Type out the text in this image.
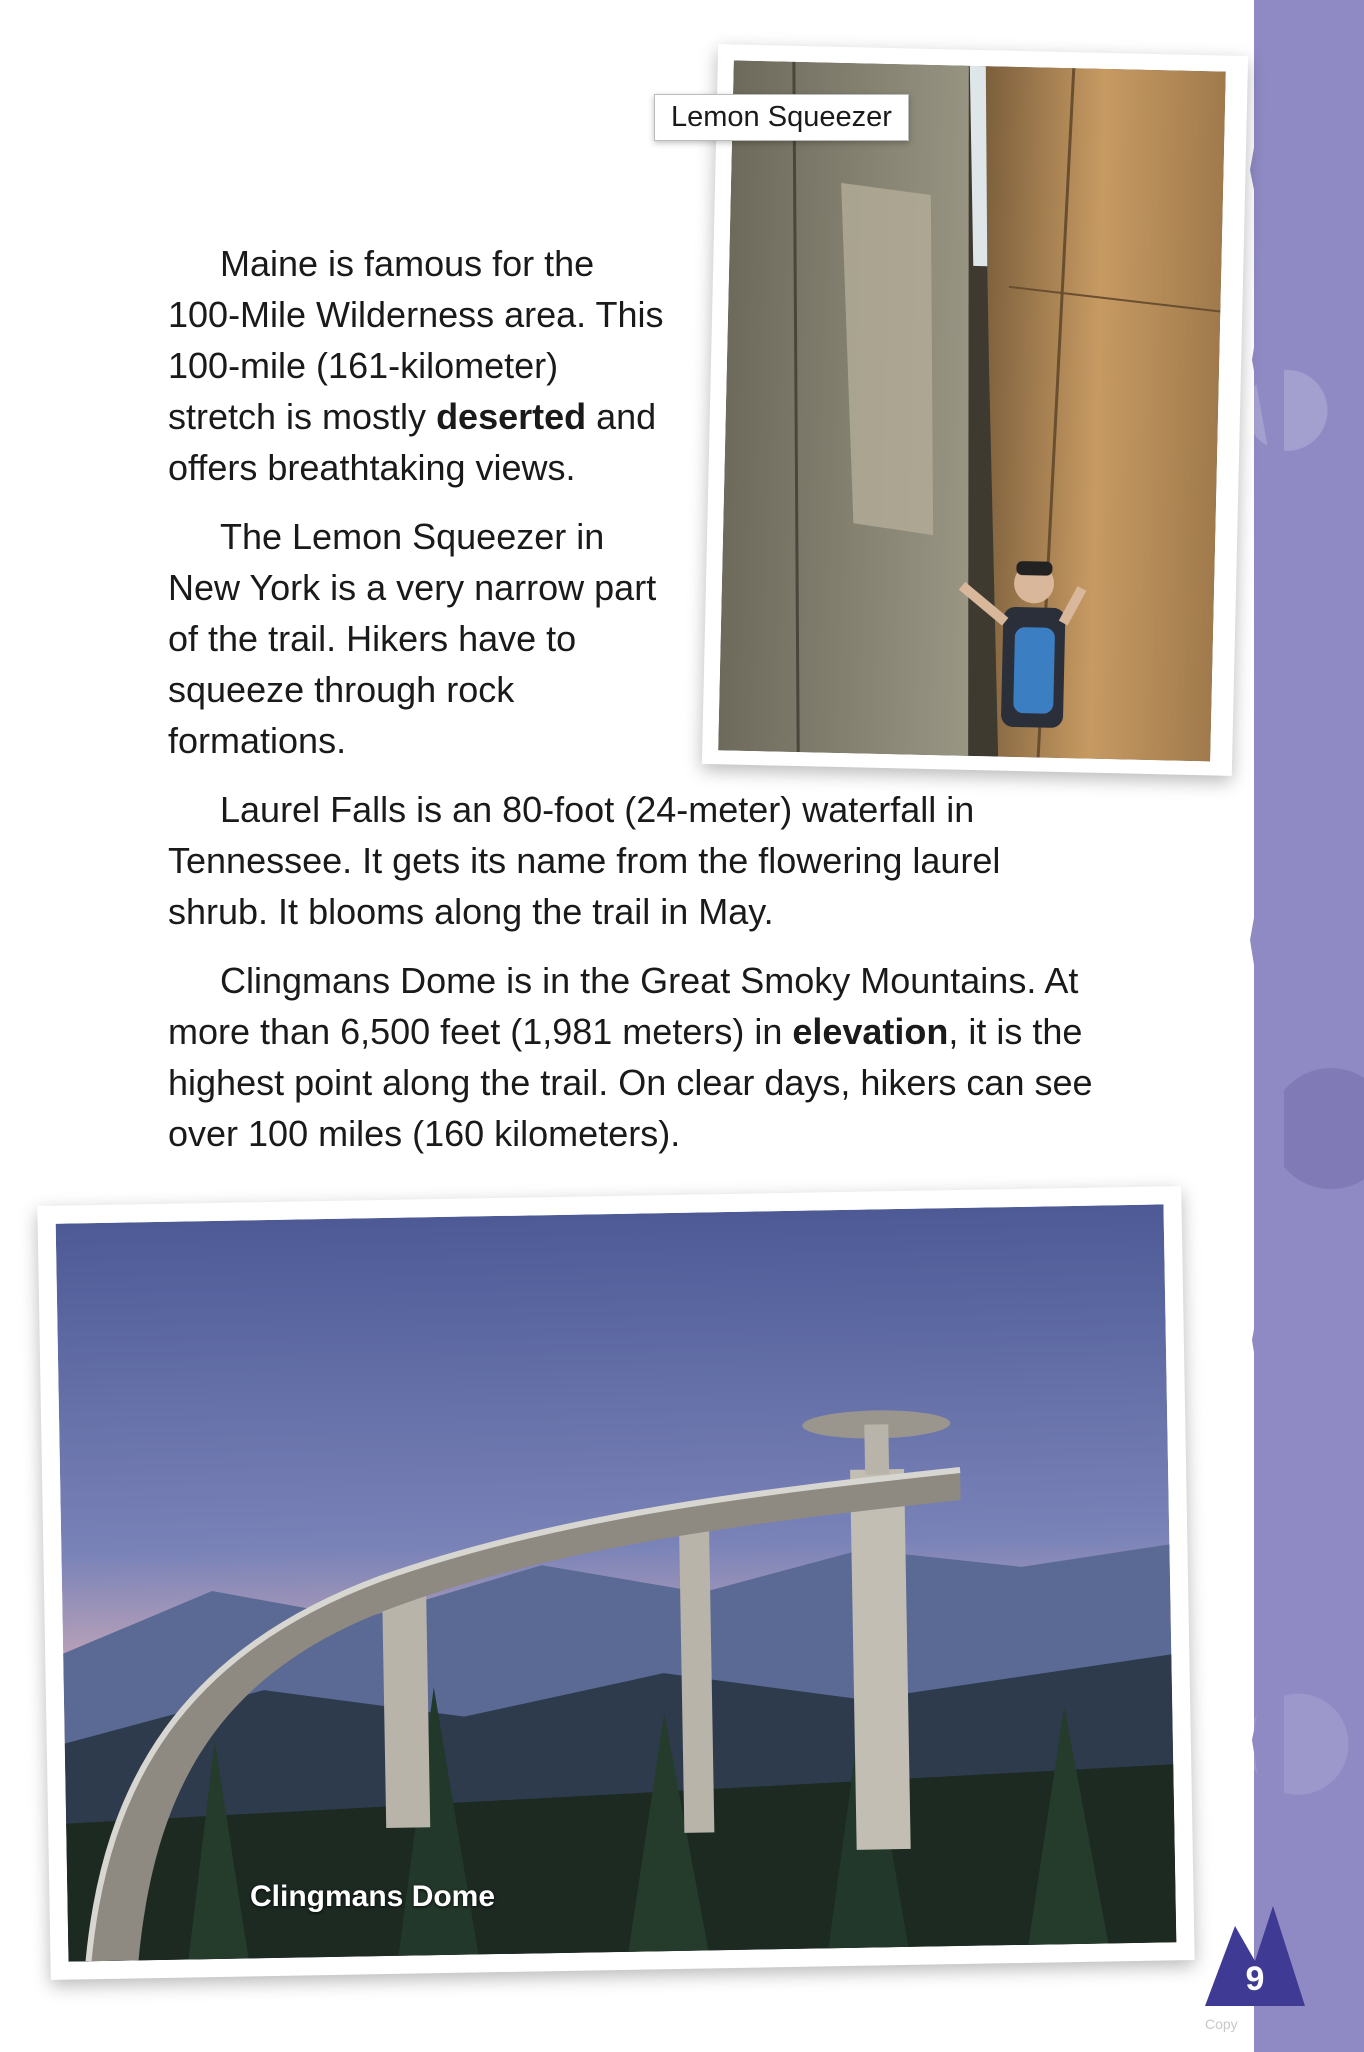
Lemon Squeezer

Maine is famous for the 100-Mile Wilderness area. This 100-mile (161-kilometer) stretch is mostly deserted and offers breathtaking views.

The Lemon Squeezer in New York is a very narrow part of the trail. Hikers have to squeeze through rock formations.

Laurel Falls is an 80-foot (24-meter) waterfall in Tennessee. It gets its name from the flowering laurel shrub. It blooms along the trail in May.

Clingmans Dome is in the Great Smoky Mountains. At more than 6,500 feet (1,981 meters) in elevation, it is the highest point along the trail. On clear days, hikers can see over 100 miles (160 kilometers).

Clingmans Dome
9
Copy
